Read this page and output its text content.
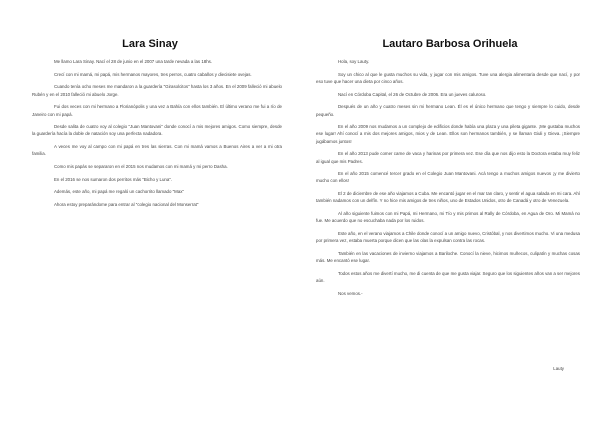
Lara Sinay

Me llamo Lara Sinay. Nací el 28 de junio en el 2007 una tarde nevada a las 18hs.

Crecí con mi mamá, mi papá, mis hermanos mayores, tres perros, cuatro caballos y diecisiete ovejas.

Cuando tenía ocho meses me mandaron a la guardería "Girasolcitos" hasta los 3 años. En el 2009 falleció mi abuelo Rubén y en el 2010 falleció mi abuelo Jorge.

Fui dos veces con mi hermano a Florianópolis y una vez a Bahía con ellos también. El último verano me fui a río de Janeiro con mi papá.

Desde salita de cuatro voy al colegio "Juan Mantovani" donde conocí a mis mejores amigos. Como siempre, desde la guardería hacía la doble de natación soy una perfecta nadadora.

A veces me voy al campo con mi papá en tres las sierras. Con mi mamá vamos a Buenos Aires a ver a mi otra familia.

Como mis papás se separaron en el 2015 nos mudamos con mi mamá y mi perro Dasha.

En el 2016 se nos sumaron dos perritos más "Bicho y Luna".

Además, este año, mi papá me regaló un cachorrito llamado "Max"

Ahora estoy preparándome para entrar al "colegio nacional del Monserrat"

Lautaro Barbosa Orihuela

Hola, soy Lauty.

Soy un chico al que le gusta muchos su vida, y jugar con mis amigos. Tuve una alergia alimentaria desde que nací, y por eso tuve que hacer una dieta por cinco años.

Nací en Córdoba Capital, el 26 de Octubre de 2006. Era un jueves caluroso.

Después de un año y cuatro meses sin mi hermano Lean. Él es el único hermano que tengo y siempre lo cuido, desde pequeño.

En el año 2009 nos mudamos a un complejo de edificios donde había una plaza y una pileta gigante. ¡Me gustaba muchos ese lugar! Ahí conocí a mis dos mejores amigos, mios y de Lean. Ellos son hermanos también, y se llaman Giuli y Gieva. ¡Siempre jugábamos juntos!

En el año 2013 pude comer carne de vaca y harinas por primera vez. Ese día que nos dijo esto la Doctora estaba muy feliz al igual que mis Padres.

En el año 2015 comencé tercer grado en el Colegio Juan Mantovani. Acá tengo a muchos amigos nuevos ¡y me divierto mucho con ellos!

El 2 de diciembre de ese año viajamos a Cuba. Me encantó jugar en el mar tan claro, y sentir el agua salada en mi cara. Ahí también nadamos con un delfín. Y no hice mis amigos de tres niños, uno de Estados Unidos, otro de Canadá y otro de Venezuela.

Al año siguiente fuimos con mi Papá, mi Hermano, mi Tío y mis primos al Rally de Córdoba, en Agua de Oro. Mi Mamá no fue. Me acuerdo que no escuchaba nada por los ruidos.

Este año, en el verano viajamos a Chile donde conocí a un amigo nuevo, Cristóbal, y nos divertimos mucho. Vi una medusa por primera vez, estaba muerta porque dicen que las olas la expulsan contra las rocas.

También en las vacaciones de invierno viajamos a Bariloche. Conocí la nieve, hicimos muñecos, culipatín y muchas cosas más. Me encantó ese lugar.

Todos estos años me divertí mucho, me di cuenta de que me gusta viajar. Seguro que los siguientes años van a ser mejores aún.

Nos vemos.-

Lauty
